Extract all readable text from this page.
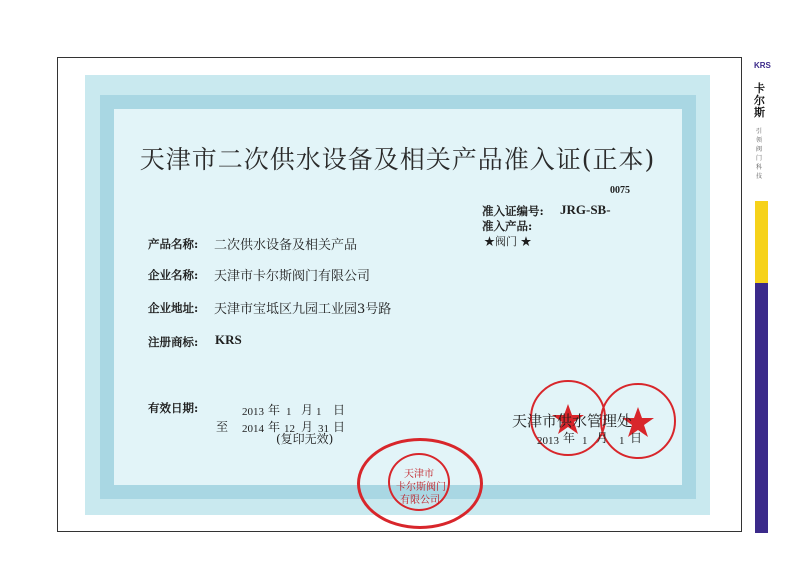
天津市二次供水设备及相关产品准入证(正本)
0075
准入证编号: JRG-SB-
准入产品:
★阀门 ★
产品名称: 二次供水设备及相关产品
企业名称: 天津市卡尔斯阀门有限公司
企业地址: 天津市宝坻区九园工业园3号路
注册商标: KRS
有效日期:
至
2013 年 1 月 1 日
2014 年 12 月 31 日
(复印无效)
天津市供水管理处
2013 年 1 月 1 日
天津市
卡尔斯阀门
有限公司
KRS
卡尔斯
引领阀门科技
